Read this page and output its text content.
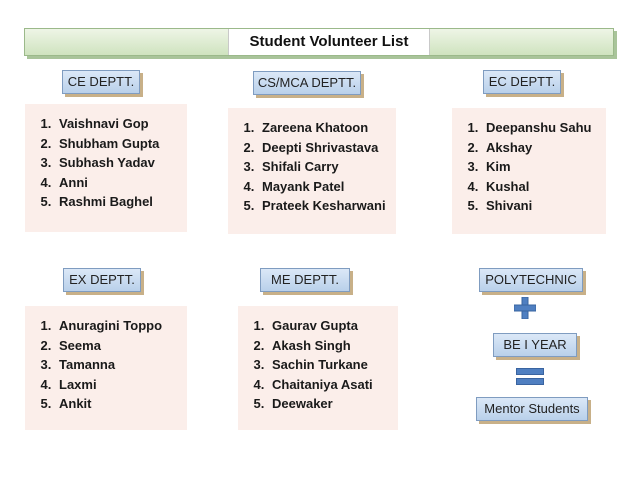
Student Volunteer List
CE DEPTT.	CS/MCA DEPTT.	EC DEPTT.
1. Vaishnavi Gop
2. Shubham Gupta
3. Subhash Yadav
4. Anni
5. Rashmi Baghel
1. Zareena Khatoon
2. Deepti Shrivastava
3. Shifali Carry
4. Mayank Patel
5. Prateek Kesharwani
1. Deepanshu Sahu
2. Akshay
3. Kim
4. Kushal
5. Shivani
EX DEPTT.	ME DEPTT.	POLYTECHNIC
1. Anuragini Toppo
2. Seema
3. Tamanna
4. Laxmi
5. Ankit
1. Gaurav Gupta
2. Akash Singh
3. Sachin Turkane
4. Chaitaniya Asati
5. Deewaker
BE I YEAR
Mentor Students
